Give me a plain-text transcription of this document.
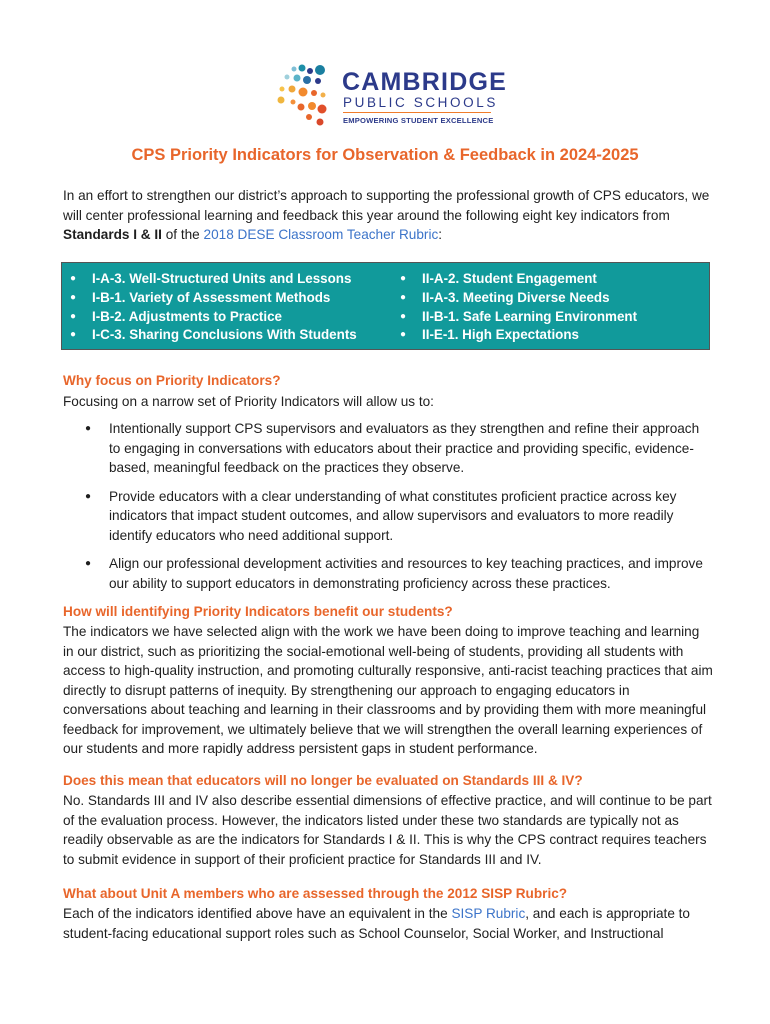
CAMBRIDGE
PUBLIC SCHOOLS
EMPOWERING STUDENT EXCELLENCE
CPS Priority Indicators for Observation & Feedback in 2024-2025

In an effort to strengthen our district’s approach to supporting the professional growth of CPS educators, we will center professional learning and feedback this year around the following eight key indicators from Standards I & II of the 2018 DESE Classroom Teacher Rubric:

● I-A-3. Well-Structured Units and Lessons
● I-B-1. Variety of Assessment Methods
● I-B-2. Adjustments to Practice
● I-C-3. Sharing Conclusions With Students
● II-A-2. Student Engagement
● II-A-3. Meeting Diverse Needs
● II-B-1. Safe Learning Environment
● II-E-1. High Expectations
Why focus on Priority Indicators?

Focusing on a narrow set of Priority Indicators will allow us to:

● Intentionally support CPS supervisors and evaluators as they strengthen and refine their approach to engaging in conversations with educators about their practice and providing specific, evidence-based, meaningful feedback on the practices they observe.
● Provide educators with a clear understanding of what constitutes proficient practice across key indicators that impact student outcomes, and allow supervisors and evaluators to more readily identify educators who need additional support.
● Align our professional development activities and resources to key teaching practices, and improve our ability to support educators in demonstrating proficiency across these practices.
How will identifying Priority Indicators benefit our students?

The indicators we have selected align with the work we have been doing to improve teaching and learning in our district, such as prioritizing the social-emotional well-being of students, providing all students with access to high-quality instruction, and promoting culturally responsive, anti-racist teaching practices that aim directly to disrupt patterns of inequity. By strengthening our approach to engaging educators in conversations about teaching and learning in their classrooms and by providing them with more meaningful feedback for improvement, we ultimately believe that we will strengthen the overall learning experiences of our students and more rapidly address persistent gaps in student performance.

Does this mean that educators will no longer be evaluated on Standards III & IV?

No. Standards III and IV also describe essential dimensions of effective practice, and will continue to be part of the evaluation process. However, the indicators listed under these two standards are typically not as readily observable as are the indicators for Standards I & II. This is why the CPS contract requires teachers to submit evidence in support of their proficient practice for Standards III and IV.

What about Unit A members who are assessed through the 2012 SISP Rubric?

Each of the indicators identified above have an equivalent in the SISP Rubric, and each is appropriate to student-facing educational support roles such as School Counselor, Social Worker, and Instructional
